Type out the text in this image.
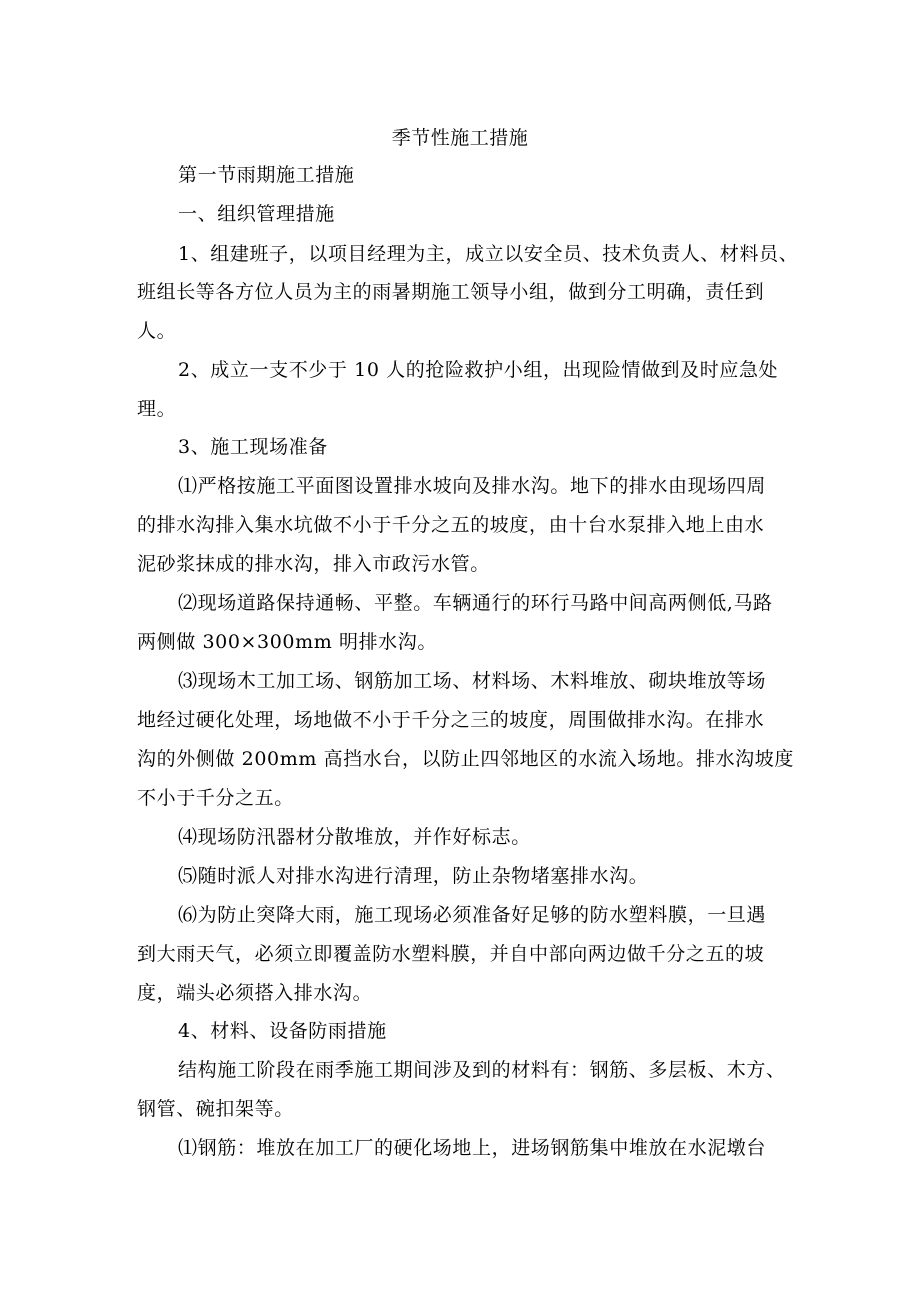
季节性施工措施
第一节雨期施工措施
一、组织管理措施
1、组建班子，以项目经理为主，成立以安全员、技术负责人、材料员、
班组长等各方位人员为主的雨暑期施工领导小组，做到分工明确，责任到
人。
2、成立一支不少于 10 人的抢险救护小组，出现险情做到及时应急处
理。
3、施工现场准备
⑴严格按施工平面图设置排水坡向及排水沟。地下的排水由现场四周
的排水沟排入集水坑做不小于千分之五的坡度，由十台水泵排入地上由水
泥砂浆抹成的排水沟，排入市政污水管。
⑵现场道路保持通畅、平整。车辆通行的环行马路中间高两侧低,马路
两侧做 300×300mm 明排水沟。
⑶现场木工加工场、钢筋加工场、材料场、木料堆放、砌块堆放等场
地经过硬化处理，场地做不小于千分之三的坡度，周围做排水沟。在排水
沟的外侧做 200mm 高挡水台，以防止四邻地区的水流入场地。排水沟坡度
不小于千分之五。
⑷现场防汛器材分散堆放，并作好标志。
⑸随时派人对排水沟进行清理，防止杂物堵塞排水沟。
⑹为防止突降大雨，施工现场必须准备好足够的防水塑料膜，一旦遇
到大雨天气，必须立即覆盖防水塑料膜，并自中部向两边做千分之五的坡
度，端头必须搭入排水沟。
4、材料、设备防雨措施
结构施工阶段在雨季施工期间涉及到的材料有：钢筋、多层板、木方、
钢管、碗扣架等。
⑴钢筋：堆放在加工厂的硬化场地上，进场钢筋集中堆放在水泥墩台
